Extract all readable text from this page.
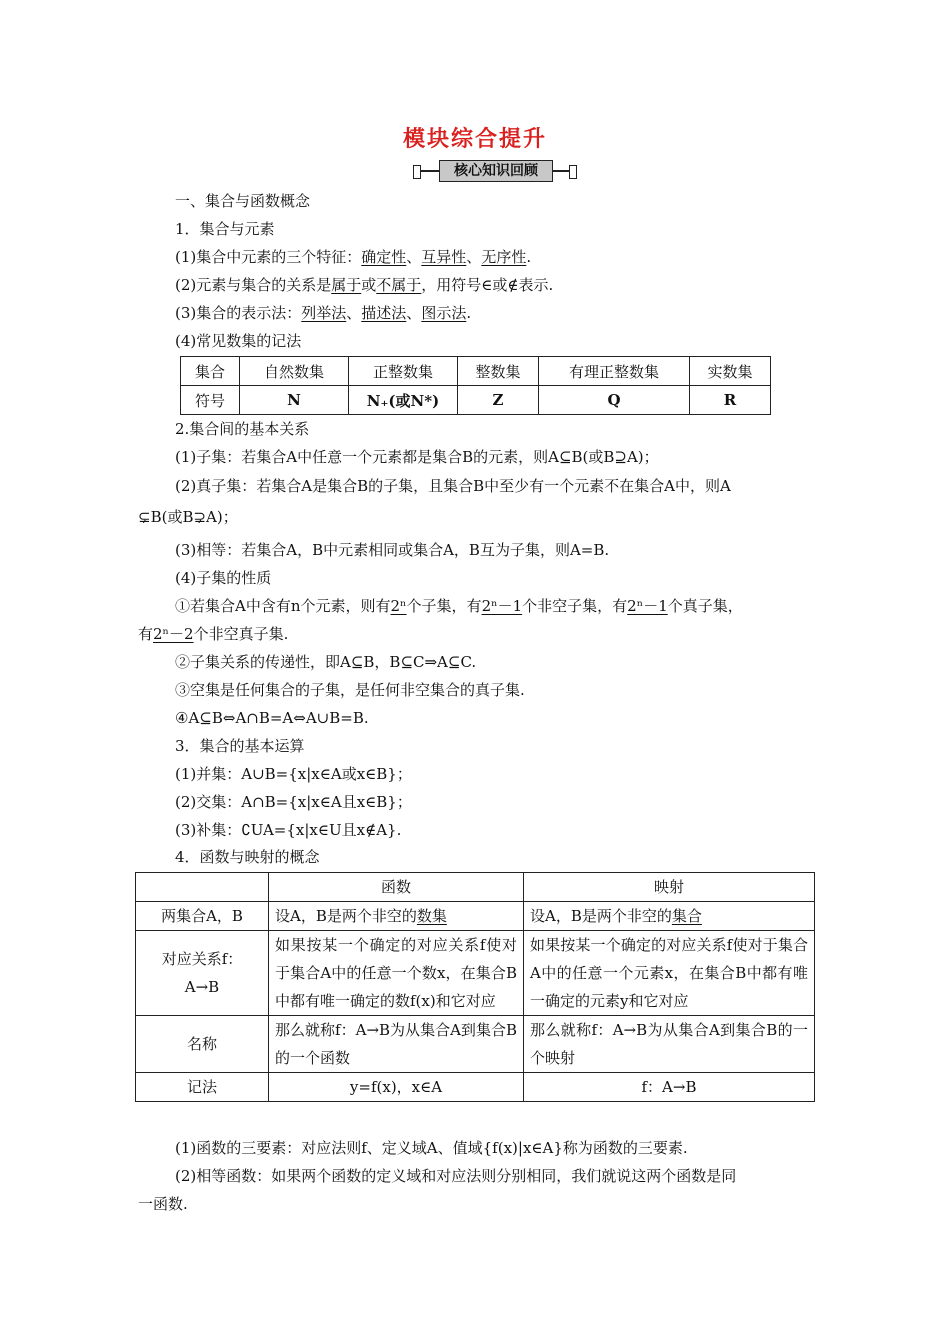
模块综合提升
核心知识回顾
一、集合与函数概念
1．集合与元素
(1)集合中元素的三个特征：确定性、互异性、无序性.
(2)元素与集合的关系是属于或不属于，用符号∈或∉表示.
(3)集合的表示法：列举法、描述法、图示法.
(4)常见数集的记法
集合	自然数集	正整数集	整数集	有理正整数集	实数集
符号	N	N₊(或N*)	Z	Q	R
2.集合间的基本关系
(1)子集：若集合A中任意一个元素都是集合B的元素，则A⊆B(或B⊇A)；
(2)真子集：若集合A是集合B的子集，且集合B中至少有一个元素不在集合A中，则A
⊊B(或B⊋A)；
(3)相等：若集合A，B中元素相同或集合A，B互为子集，则A=B.
(4)子集的性质
①若集合A中含有n个元素，则有2ⁿ个子集，有2ⁿ－1个非空子集，有2ⁿ－1个真子集，
有2ⁿ－2个非空真子集.
②子集关系的传递性，即A⊆B，B⊆C⇒A⊆C.
③空集是任何集合的子集，是任何非空集合的真子集.
④A⊆B⇔A∩B=A⇔A∪B=B.
3．集合的基本运算
(1)并集：A∪B={x|x∈A或x∈B}；
(2)交集：A∩B={x|x∈A且x∈B}；
(3)补集：∁UA={x|x∈U且x∉A}.
4．函数与映射的概念
	函数	映射
两集合A，B	设A，B是两个非空的数集	设A，B是两个非空的集合

对应关系f：
A→B	如果按某一个确定的对应关系f使对于集合A中的任意一个数x，在集合B中都有唯一确定的数f(x)和它对应	如果按某一个确定的对应关系f使对于集合A中的任意一个元素x，在集合B中都有唯一确定的元素y和它对应
名称	那么就称f：A→B为从集合A到集合B的一个函数	那么就称f：A→B为从集合A到集合B的一个映射
记法	y=f(x)，x∈A	f：A→B
(1)函数的三要素：对应法则f、定义域A、值域{f(x)|x∈A}称为函数的三要素.
(2)相等函数：如果两个函数的定义域和对应法则分别相同，我们就说这两个函数是同
一函数.
